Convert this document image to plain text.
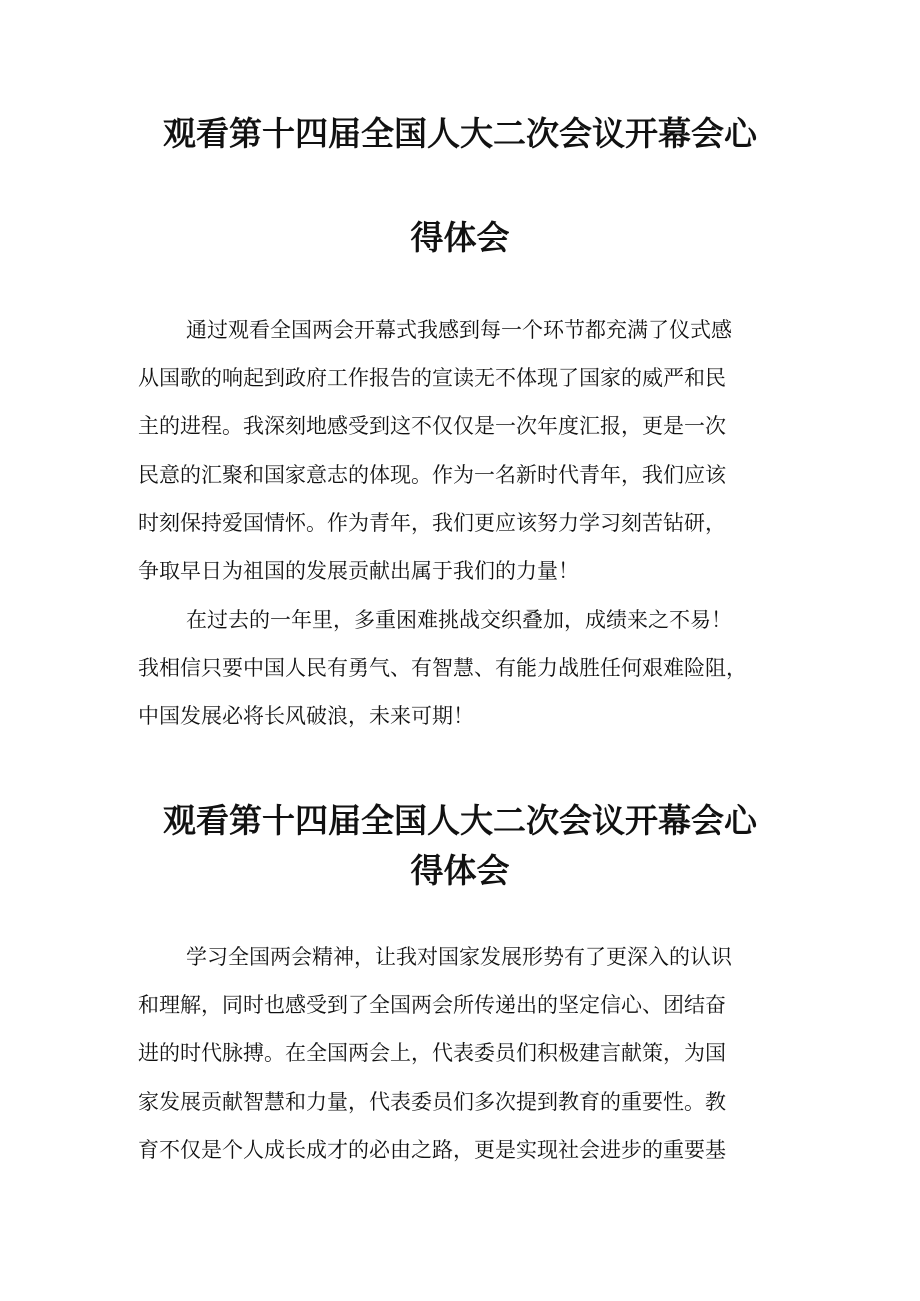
观看第十四届全国人大二次会议开幕会心
得体会
通过观看全国两会开幕式我感到每一个环节都充满了仪式感
从国歌的响起到政府工作报告的宣读无不体现了国家的威严和民
主的进程。我深刻地感受到这不仅仅是一次年度汇报，更是一次
民意的汇聚和国家意志的体现。作为一名新时代青年，我们应该
时刻保持爱国情怀。作为青年，我们更应该努力学习刻苦钻研，
争取早日为祖国的发展贡献出属于我们的力量！
在过去的一年里，多重困难挑战交织叠加，成绩来之不易！
我相信只要中国人民有勇气、有智慧、有能力战胜任何艰难险阻，
中国发展必将长风破浪，未来可期！
观看第十四届全国人大二次会议开幕会心
得体会
学习全国两会精神，让我对国家发展形势有了更深入的认识
和理解，同时也感受到了全国两会所传递出的坚定信心、团结奋
进的时代脉搏。在全国两会上，代表委员们积极建言献策，为国
家发展贡献智慧和力量，代表委员们多次提到教育的重要性。教
育不仅是个人成长成才的必由之路，更是实现社会进步的重要基
